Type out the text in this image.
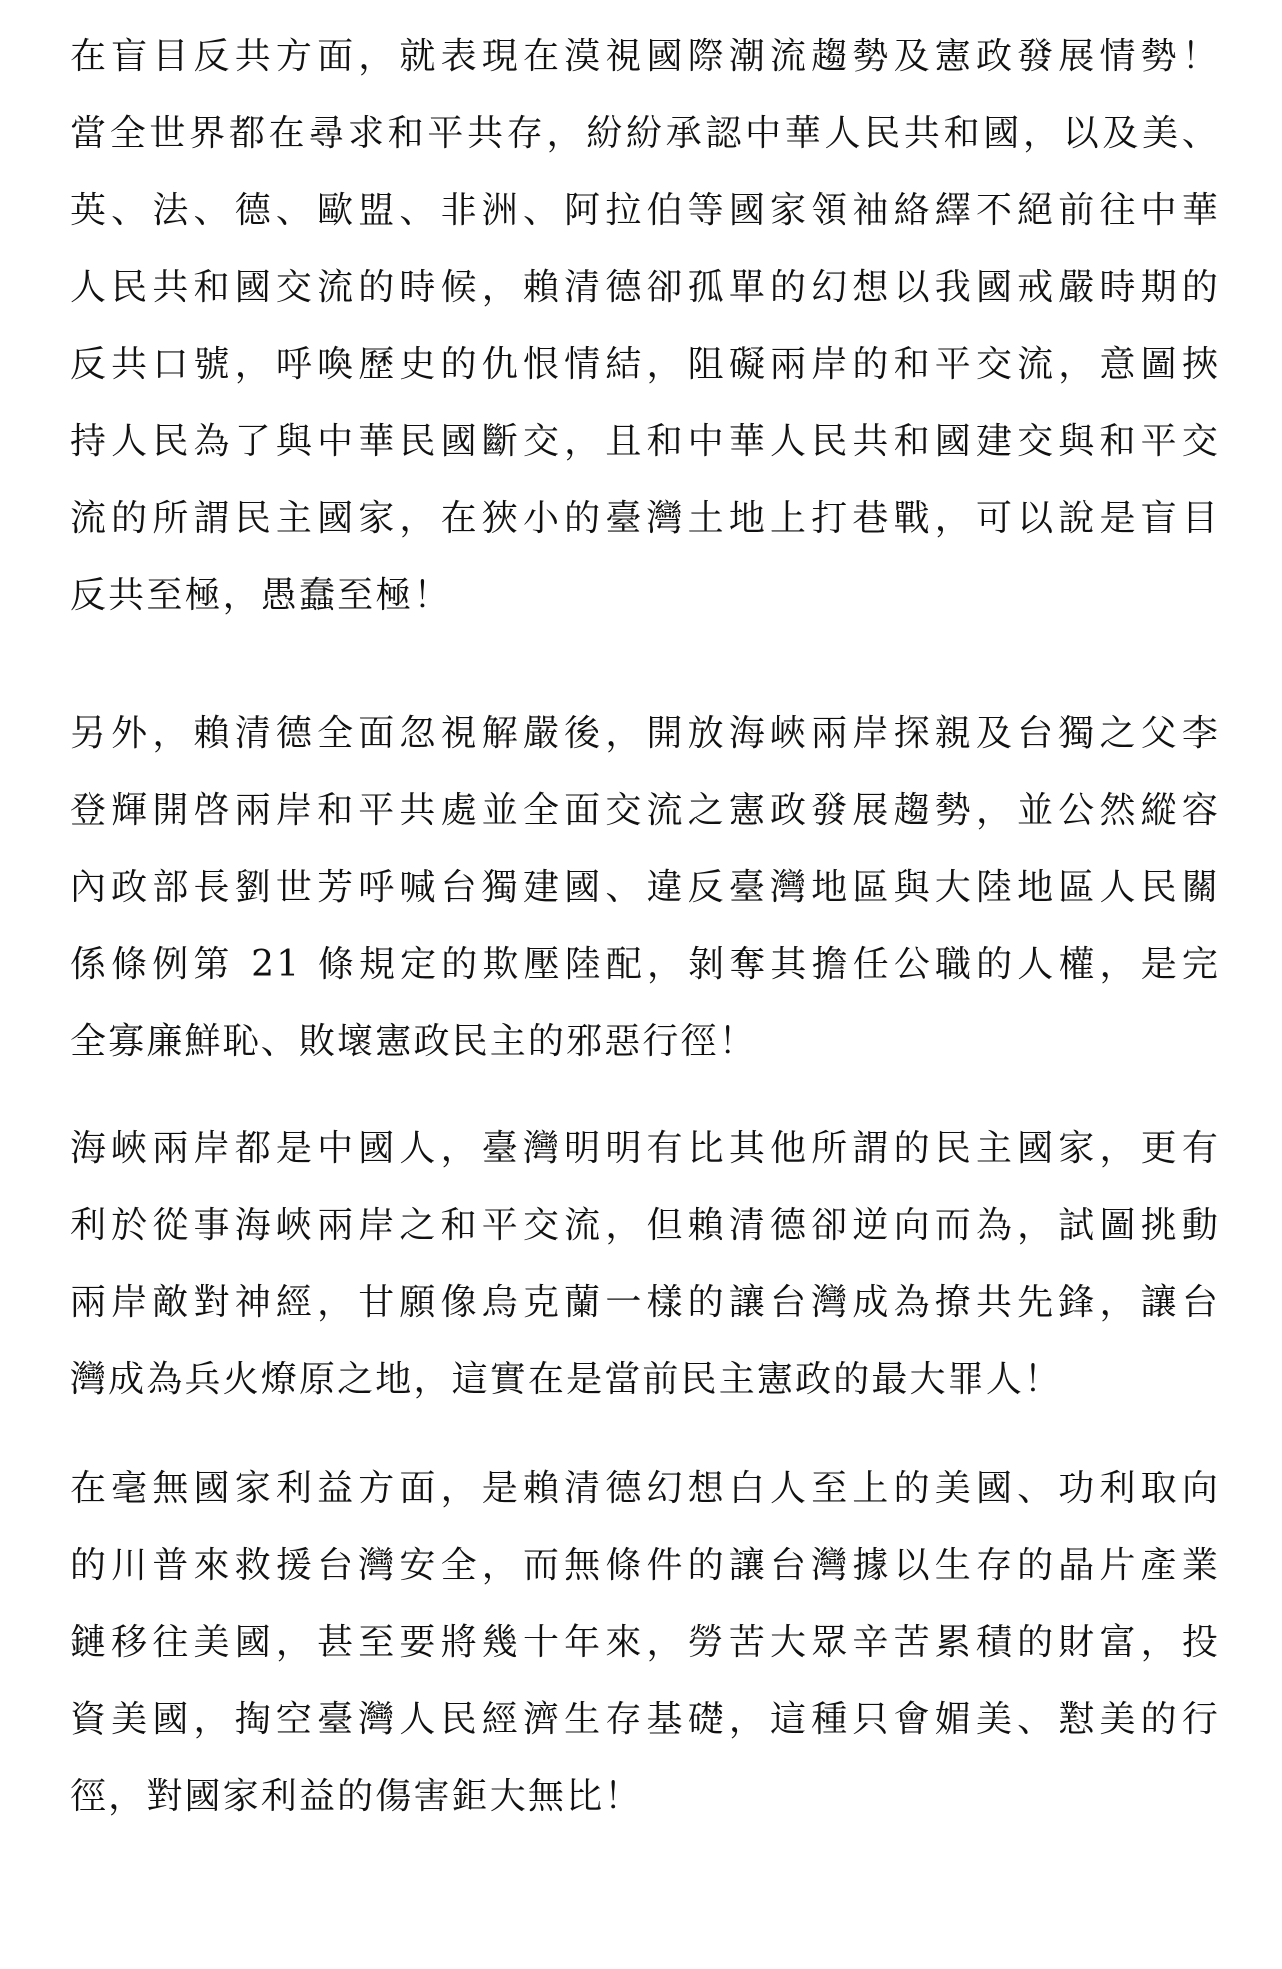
在盲目反共方面，就表現在漠視國際潮流趨勢及憲政發展情勢！
當全世界都在尋求和平共存，紛紛承認中華人民共和國，以及美、
英、法、德、歐盟、非洲、阿拉伯等國家領袖絡繹不絕前往中華
人民共和國交流的時候，賴清德卻孤單的幻想以我國戒嚴時期的
反共口號，呼喚歷史的仇恨情結，阻礙兩岸的和平交流，意圖挾
持人民為了與中華民國斷交，且和中華人民共和國建交與和平交
流的所謂民主國家，在狹小的臺灣土地上打巷戰，可以說是盲目
反共至極，愚蠢至極！
另外，賴清德全面忽視解嚴後，開放海峽兩岸探親及台獨之父李
登輝開啓兩岸和平共處並全面交流之憲政發展趨勢，並公然縱容
內政部長劉世芳呼喊台獨建國、違反臺灣地區與大陸地區人民關
係條例第 21 條規定的欺壓陸配，剝奪其擔任公職的人權，是完
全寡廉鮮恥、敗壞憲政民主的邪惡行徑！
海峽兩岸都是中國人，臺灣明明有比其他所謂的民主國家，更有
利於從事海峽兩岸之和平交流，但賴清德卻逆向而為，試圖挑動
兩岸敵對神經，甘願像烏克蘭一樣的讓台灣成為撩共先鋒，讓台
灣成為兵火燎原之地，這實在是當前民主憲政的最大罪人！
在毫無國家利益方面，是賴清德幻想白人至上的美國、功利取向
的川普來救援台灣安全，而無條件的讓台灣據以生存的晶片產業
鏈移往美國，甚至要將幾十年來，勞苦大眾辛苦累積的財富，投
資美國，掏空臺灣人民經濟生存基礎，這種只會媚美、懟美的行
徑，對國家利益的傷害鉅大無比！
